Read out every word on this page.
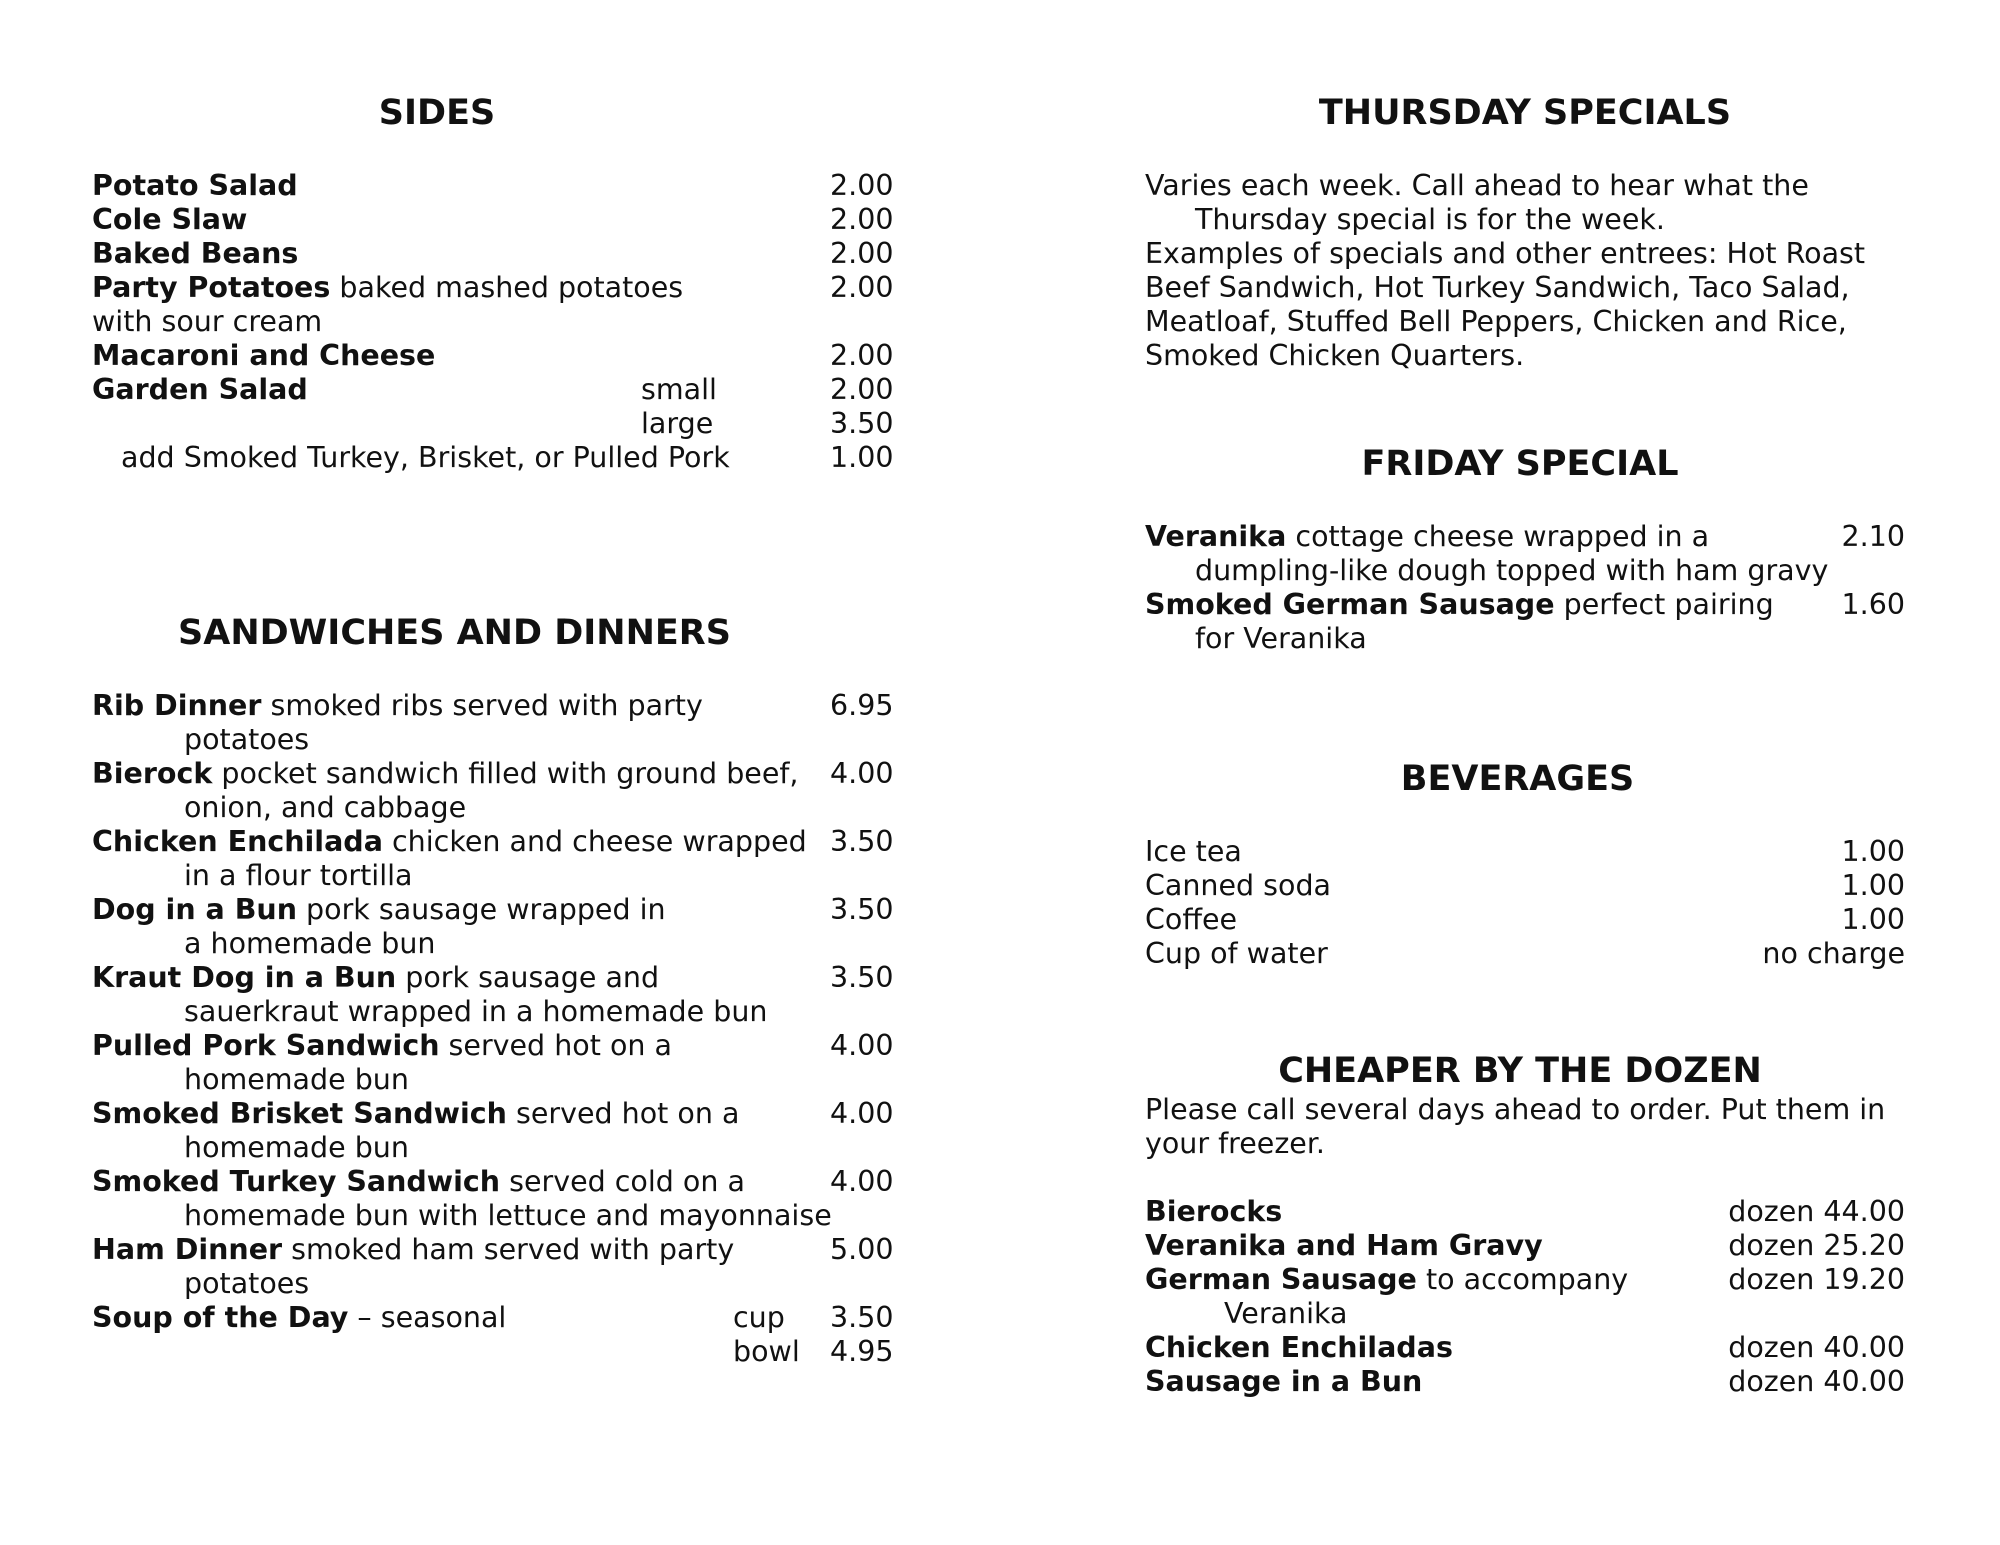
SIDES
Potato Salad	2.00
Cole Slaw	2.00
Baked Beans	2.00
Party Potatoes baked mashed potatoes	2.00
with sour cream
Macaroni and Cheese	2.00
Garden Salad	small	2.00
large	3.50
add Smoked Turkey, Brisket, or Pulled Pork	1.00
SANDWICHES AND DINNERS
Rib Dinner smoked ribs served with party	6.95
potatoes
Bierock pocket sandwich filled with ground beef, 4.00
onion, and cabbage
Chicken Enchilada chicken and cheese wrapped 3.50
in a flour tortilla
Dog in a Bun pork sausage wrapped in	3.50
a homemade bun
Kraut Dog in a Bun pork sausage and	3.50
sauerkraut wrapped in a homemade bun
Pulled Pork Sandwich served hot on a	4.00
homemade bun
Smoked Brisket Sandwich served hot on a	4.00
homemade bun
Smoked Turkey Sandwich served cold on a	4.00
homemade bun with lettuce and mayonnaise
Ham Dinner smoked ham served with party	5.00
potatoes
Soup of the Day – seasonal	cup 3.50
bowl 4.95
THURSDAY SPECIALS
Varies each week. Call ahead to hear what the
Thursday special is for the week.
Examples of specials and other entrees: Hot Roast
Beef Sandwich, Hot Turkey Sandwich, Taco Salad,
Meatloaf, Stuffed Bell Peppers, Chicken and Rice,
Smoked Chicken Quarters.
FRIDAY SPECIAL
Veranika cottage cheese wrapped in a	2.10
dumpling-like dough topped with ham gravy
Smoked German Sausage perfect pairing 1.60
for Veranika
BEVERAGES
Ice tea	1.00
Canned soda	1.00
Coffee	1.00
Cup of water	no charge
CHEAPER BY THE DOZEN
Please call several days ahead to order. Put them in
your freezer.
Bierocks	dozen 44.00
Veranika and Ham Gravy	dozen 25.20
German Sausage to accompany	dozen 19.20
Veranika
Chicken Enchiladas	dozen 40.00
Sausage in a Bun	dozen 40.00
